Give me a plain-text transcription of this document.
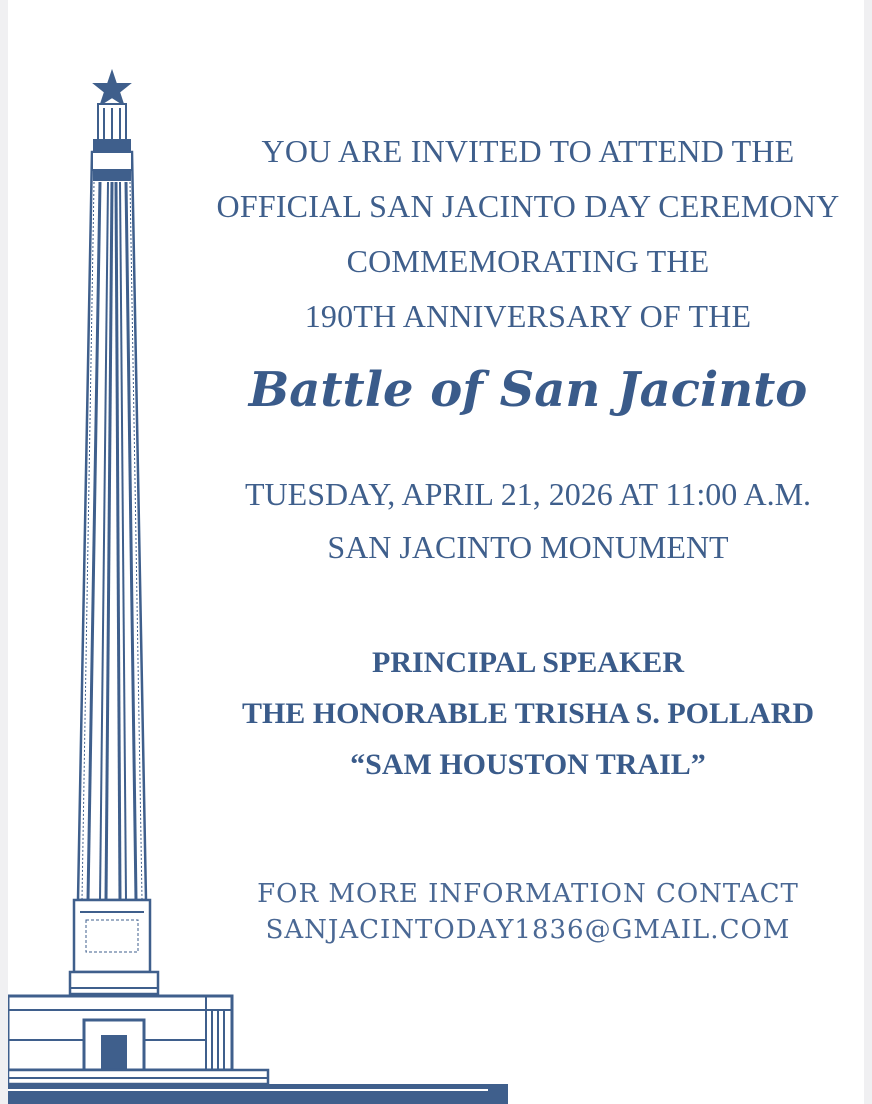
YOU ARE INVITED TO ATTEND THE
OFFICIAL SAN JACINTO DAY CEREMONY
COMMEMORATING THE
190TH ANNIVERSARY OF THE
Battle of San Jacinto
TUESDAY, APRIL 21, 2026 AT 11:00 A.M.
SAN JACINTO MONUMENT
PRINCIPAL SPEAKER
THE HONORABLE TRISHA S. POLLARD
“SAM HOUSTON TRAIL”
FOR MORE INFORMATION CONTACT
SANJACINTODAY1836@GMAIL.COM
